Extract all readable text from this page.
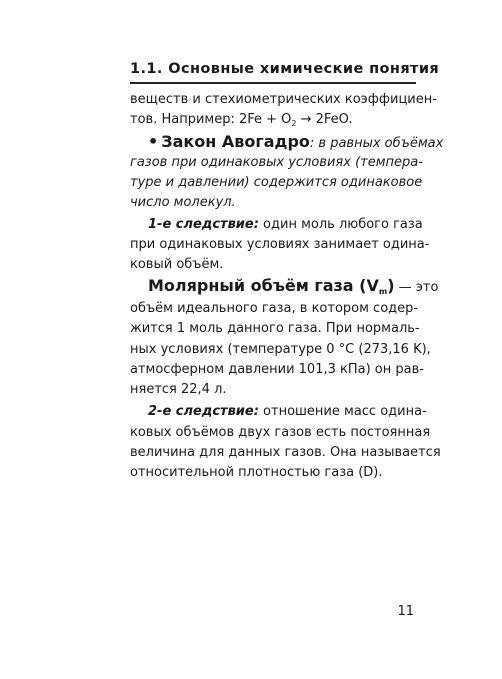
1.1. Основные химические понятия
веществ и стехиометрических коэффициен-
тов. Например: $2Fe + O_2 \to 2FeO$.
• Закон Авогадро: в равных объёмах
газов при одинаковых условиях (темпера-
туре и давлении) содержится одинаковое
число молекул.
1-е следствие: один моль любого газа
при одинаковых условиях занимает одина-
ковый объём.
Молярный объём газа $(V_m)$ — это
объём идеального газа, в котором содер-
жится 1 моль данного газа. При нормаль-
ных условиях (температуре 0 °C (273,16 K),
атмосферном давлении 101,3 кПа) он рав-
няется 22,4 л.
2-е следствие: отношение масс одина-
ковых объёмов двух газов есть постоянная
величина для данных газов. Она называется
относительной плотностью газа (D).
11
